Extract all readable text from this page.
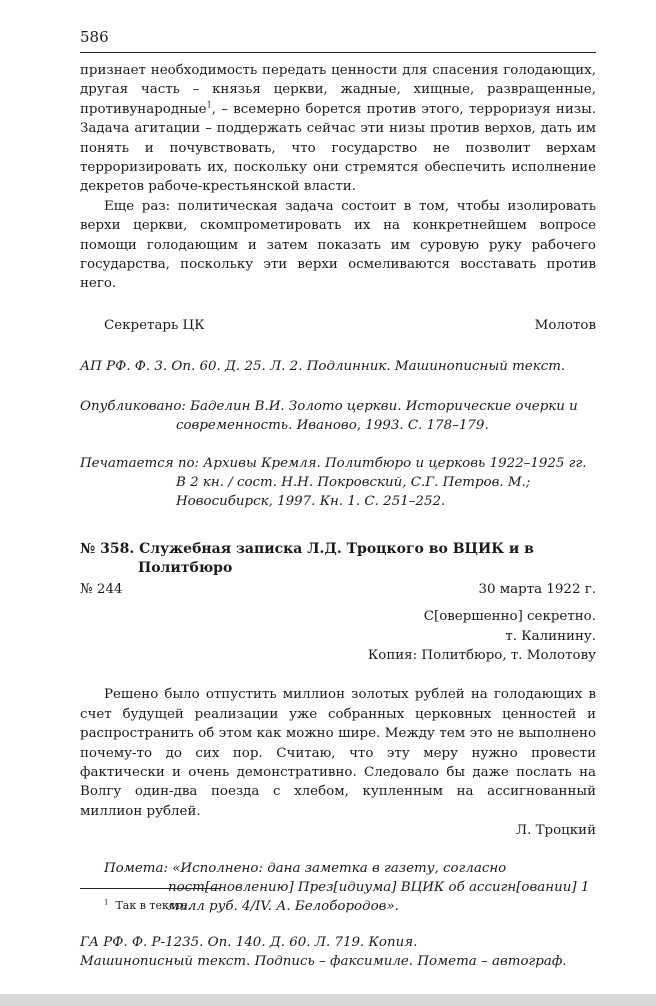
586

признает необходимость передать ценности для спасения голодающих, другая часть – князья церкви, жадные, хищные, развращенные, противународные$^1$, – всемерно борется против этого, терроризуя низы. Задача агитации – поддержать сейчас эти низы против верхов, дать им понять и почувствовать, что государство не позволит верхам терроризировать их, поскольку они стремятся обеспечить исполнение декретов рабоче-крестьянской власти.

Еще раз: политическая задача состоит в том, чтобы изолировать верхи церкви, скомпрометировать их на конкретнейшем вопросе помощи голодающим и затем показать им суровую руку рабочего государства, поскольку эти верхи осмеливаются восставать против него.

Секретарь ЦК	Молотов

АП РФ. Ф. 3. Оп. 60. Д. 25. Л. 2. Подлинник. Машинописный текст.

Опубликовано: Баделин В.И. Золото церкви. Исторические очерки и современность. Иваново, 1993. С. 178–179.

Печатается по: Архивы Кремля. Политбюро и церковь 1922–1925 гг. В 2 кн. / сост. Н.Н. Покровский, С.Г. Петров. М.; Новосибирск, 1997. Кн. 1. С. 251–252.

№ 358. Служебная записка Л.Д. Троцкого во ВЦИК и в Политбюро
№ 244	30 марта 1922 г.
С[овершенно] секретно.
т. Калинину.
Копия: Политбюро, т. Молотову

Решено было отпустить миллион золотых рублей на голодающих в счет будущей реализации уже собранных церковных ценностей и распространить об этом как можно шире. Между тем это не выполнено почему-то до сих пор. Считаю, что эту меру нужно провести фактически и очень демонстративно. Следовало бы даже послать на Волгу один-два поезда с хлебом, купленным на ассигнованный миллион рублей.

Л. Троцкий

Помета: «Исполнено: дана заметка в газету, согласно пост[ановлению] През[идиума] ВЦИК об ассигн[овании] 1 милл руб. 4/IV. А. Белобородов».

ГА РФ. Ф. Р-1235. Оп. 140. Д. 60. Л. 719. Копия.
Машинописный текст. Подпись – факсимиле. Помета – автограф.

$^1$ Так в тексте.
